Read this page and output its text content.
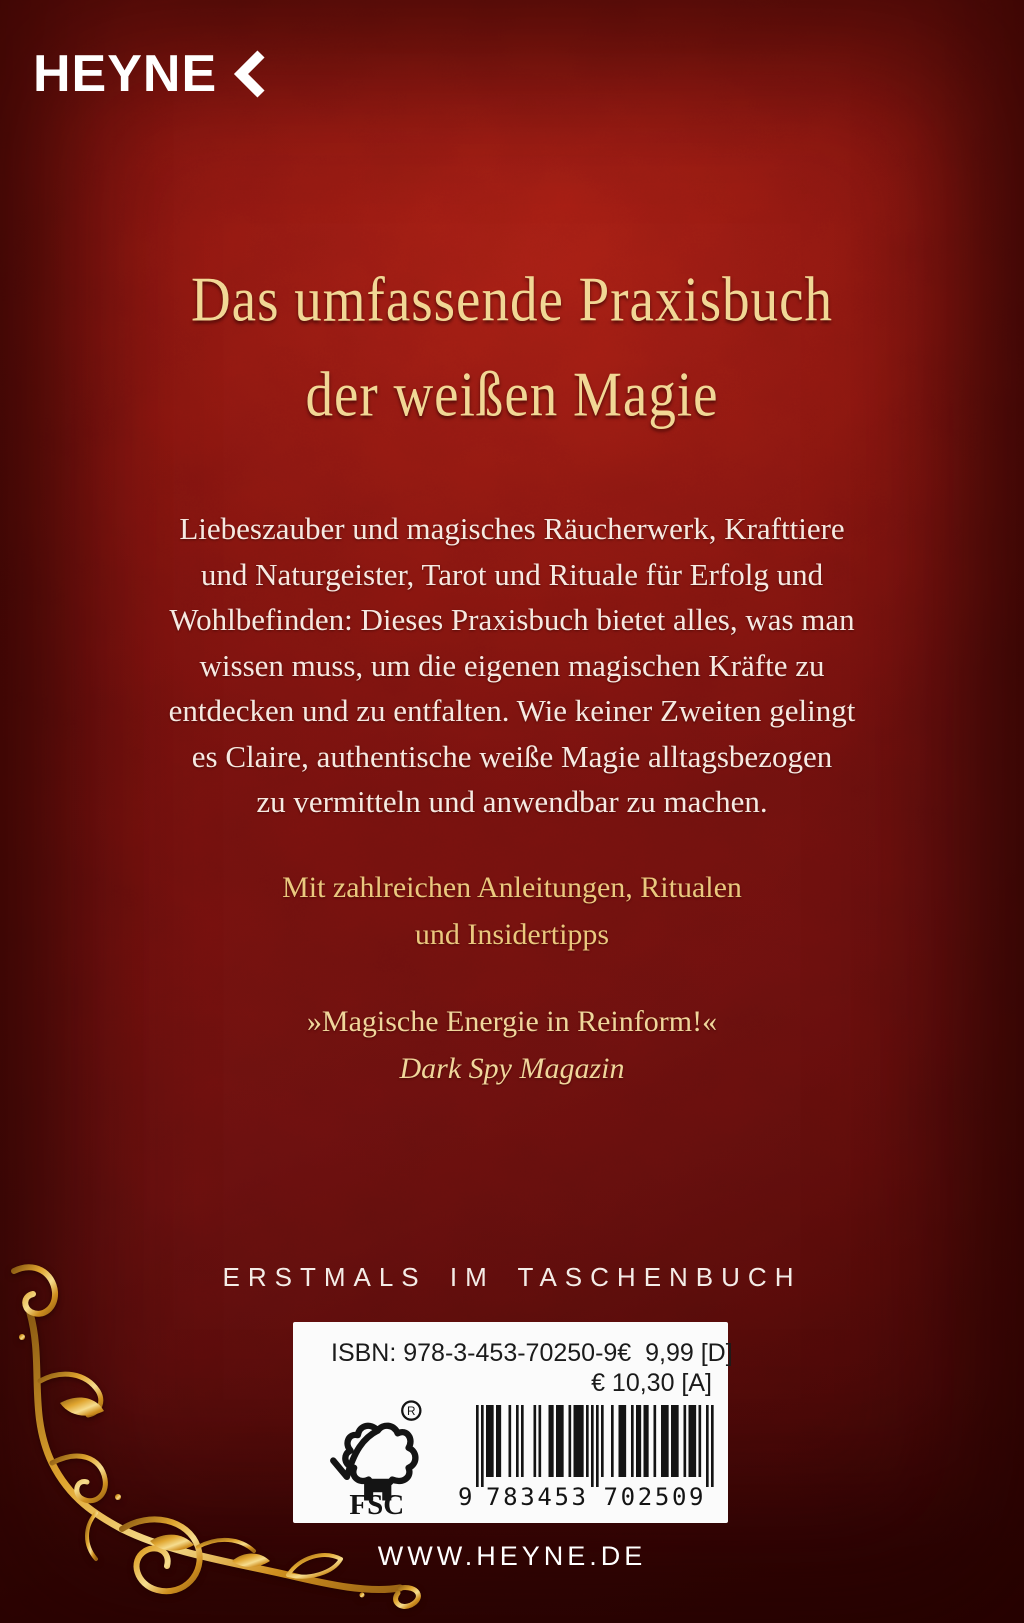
HEYNE
Das umfassende Praxisbuch
der weißen Magie
Liebeszauber und magisches Räucherwerk, Krafttiere
und Naturgeister, Tarot und Rituale für Erfolg und
Wohlbefinden: Dieses Praxisbuch bietet alles, was man
wissen muss, um die eigenen magischen Kräfte zu
entdecken und zu entfalten. Wie keiner Zweiten gelingt
es Claire, authentische weiße Magie alltagsbezogen
zu vermitteln und anwendbar zu machen.
Mit zahlreichen Anleitungen, Ritualen
und Insidertipps
»Magische Energie in Reinform!«
Dark Spy Magazin
ERSTMALS IM TASCHENBUCH
ISBN: 978-3-453-70250-9 €  9,99 [D]
€ 10,30 [A]
R
FSC 9 783453 702509
WWW.HEYNE.DE
